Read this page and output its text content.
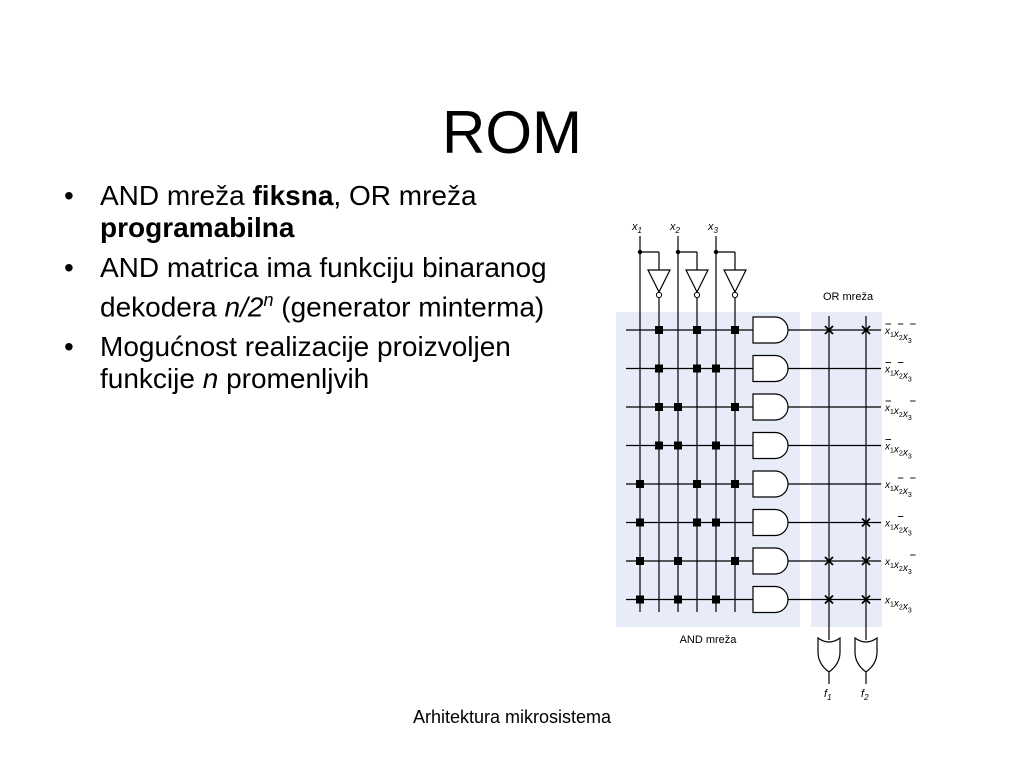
ROM
• AND mreža fiksna, OR mreža programabilna
• AND matrica ima funkciju binaranog dekodera n/2$^n$ (generator minterma)
• Mogućnost realizacije proizvoljen funkcije n promenljvih
AND mreža
OR mreža
$x_1$	$x_2$	$x_3$
$x_1x_2x_3$
$x_1x_2x_3$
$x_1x_2x_3$
$x_1x_2x_3$
$x_1x_2x_3$
$x_1x_2x_3$
$x_1x_2x_3$
$x_1x_2x_3$
$f_1$	$f_2$
Arhitektura mikrosistema
